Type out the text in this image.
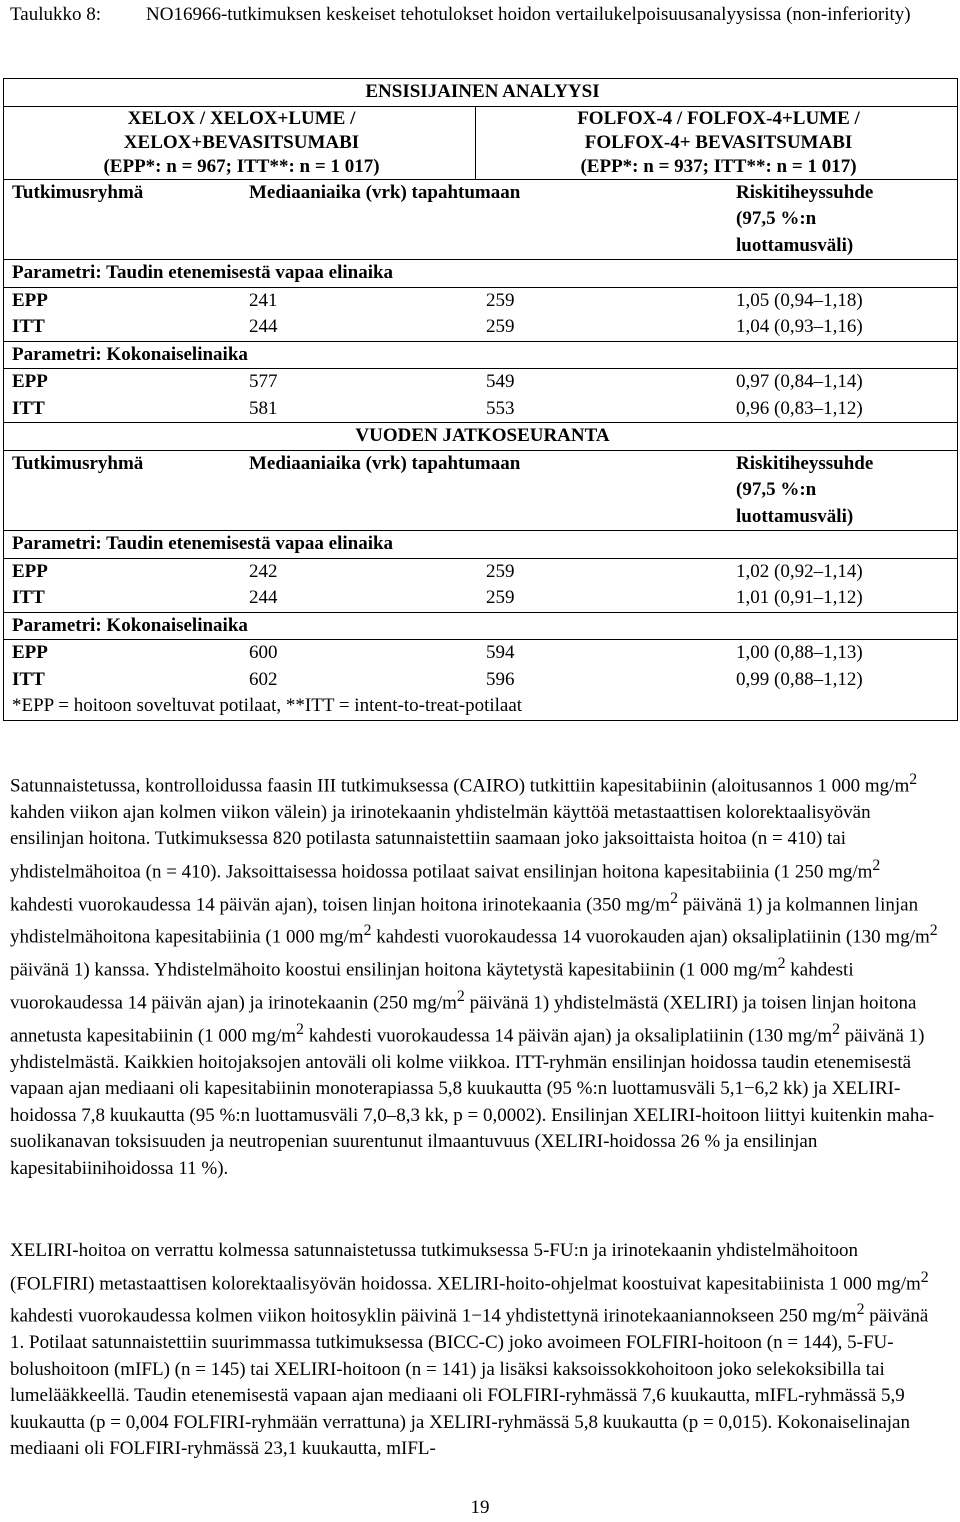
Taulukko 8: NO16966-tutkimuksen keskeiset tehotulokset hoidon vertailukelpoisuusanalyysissa (non-inferiority)
ENSISIJAINEN ANALYYSI

XELOX / XELOX+LUME /
XELOX+BEVASITSUMABI
(EPP*: n = 967; ITT**: n = 1 017)

FOLFOX-4 / FOLFOX-4+LUME /
FOLFOX-4+ BEVASITSUMABI
(EPP*: n = 937; ITT**: n = 1 017)

Tutkimusryhmä	Mediaaniaika (vrk) tapahtumaan	Riskitiheyssuhde
(97,5 %:n
luottamusväli)

Parametri: Taudin etenemisestä vapaa elinaika

EPP	241	259	1,05 (0,94–1,18)
ITT	244	259	1,04 (0,93–1,16)

Parametri: Kokonaiselinaika

EPP	577	549	0,97 (0,84–1,14)
ITT	581	553	0,96 (0,83–1,12)

VUODEN JATKOSEURANTA

Tutkimusryhmä	Mediaaniaika (vrk) tapahtumaan	Riskitiheyssuhde
(97,5 %:n
luottamusväli)

Parametri: Taudin etenemisestä vapaa elinaika

EPP	242	259	1,02 (0,92–1,14)
ITT	244	259	1,01 (0,91–1,12)

Parametri: Kokonaiselinaika

EPP	600	594	1,00 (0,88–1,13)
ITT	602	596	0,99 (0,88–1,12)
*EPP = hoitoon soveltuvat potilaat, **ITT = intent-to-treat-potilaat
Satunnaistetussa, kontrolloidussa faasin III tutkimuksessa (CAIRO) tutkittiin kapesitabiinin (aloitusannos 1 000 $mg/m^2$ kahden viikon ajan kolmen viikon välein) ja irinotekaanin yhdistelmän käyttöä metastaattisen kolorektaalisyövän ensilinjan hoitona. Tutkimuksessa 820 potilasta satunnaistettiin saamaan joko jaksoittaista hoitoa (n = 410) tai yhdistelmähoitoa (n = 410). Jaksoittaisessa hoidossa potilaat saivat ensilinjan hoitona kapesitabiinia (1 250 $mg/m^2$ kahdesti vuorokaudessa 14 päivän ajan), toisen linjan hoitona irinotekaania (350 $mg/m^2$ päivänä 1) ja kolmannen linjan yhdistelmähoitona kapesitabiinia (1 000 $mg/m^2$ kahdesti vuorokaudessa 14 vuorokauden ajan) oksaliplatiinin (130 $mg/m^2$ päivänä 1) kanssa. Yhdistelmähoito koostui ensilinjan hoitona käytetystä kapesitabiinin (1 000 $mg/m^2$ kahdesti vuorokaudessa 14 päivän ajan) ja irinotekaanin (250 $mg/m^2$ päivänä 1) yhdistelmästä (XELIRI) ja toisen linjan hoitona annetusta kapesitabiinin (1 000 $mg/m^2$ kahdesti vuorokaudessa 14 päivän ajan) ja oksaliplatiinin (130 $mg/m^2$ päivänä 1) yhdistelmästä. Kaikkien hoitojaksojen antoväli oli kolme viikkoa. ITT-ryhmän ensilinjan hoidossa taudin etenemisestä vapaan ajan mediaani oli kapesitabiinin monoterapiassa 5,8 kuukautta (95 %:n luottamusväli 5,1−6,2 kk) ja XELIRI-hoidossa 7,8 kuukautta (95 %:n luottamusväli 7,0–8,3 kk, p = 0,0002). Ensilinjan XELIRI-hoitoon liittyi kuitenkin maha-suolikanavan toksisuuden ja neutropenian suurentunut ilmaantuvuus (XELIRI-hoidossa 26 % ja ensilinjan kapesitabiinihoidossa 11 %).
XELIRI-hoitoa on verrattu kolmessa satunnaistetussa tutkimuksessa 5-FU:n ja irinotekaanin yhdistelmähoitoon (FOLFIRI) metastaattisen kolorektaalisyövän hoidossa. XELIRI-hoito-ohjelmat koostuivat kapesitabiinista 1 000 $mg/m^2$ kahdesti vuorokaudessa kolmen viikon hoitosyklin päivinä 1−14 yhdistettynä irinotekaaniannokseen 250 $mg/m^2$ päivänä 1. Potilaat satunnaistettiin suurimmassa tutkimuksessa (BICC-C) joko avoimeen FOLFIRI-hoitoon (n = 144), 5-FU-bolushoitoon (mIFL) (n = 145) tai XELIRI-hoitoon (n = 141) ja lisäksi kaksoissokkohoitoon joko selekoksibilla tai lumelääkkeellä. Taudin etenemisestä vapaan ajan mediaani oli FOLFIRI-ryhmässä 7,6 kuukautta, mIFL-ryhmässä 5,9 kuukautta (p = 0,004 FOLFIRI-ryhmään verrattuna) ja XELIRI-ryhmässä 5,8 kuukautta (p = 0,015). Kokonaiselinajan mediaani oli FOLFIRI-ryhmässä 23,1 kuukautta, mIFL-
19
